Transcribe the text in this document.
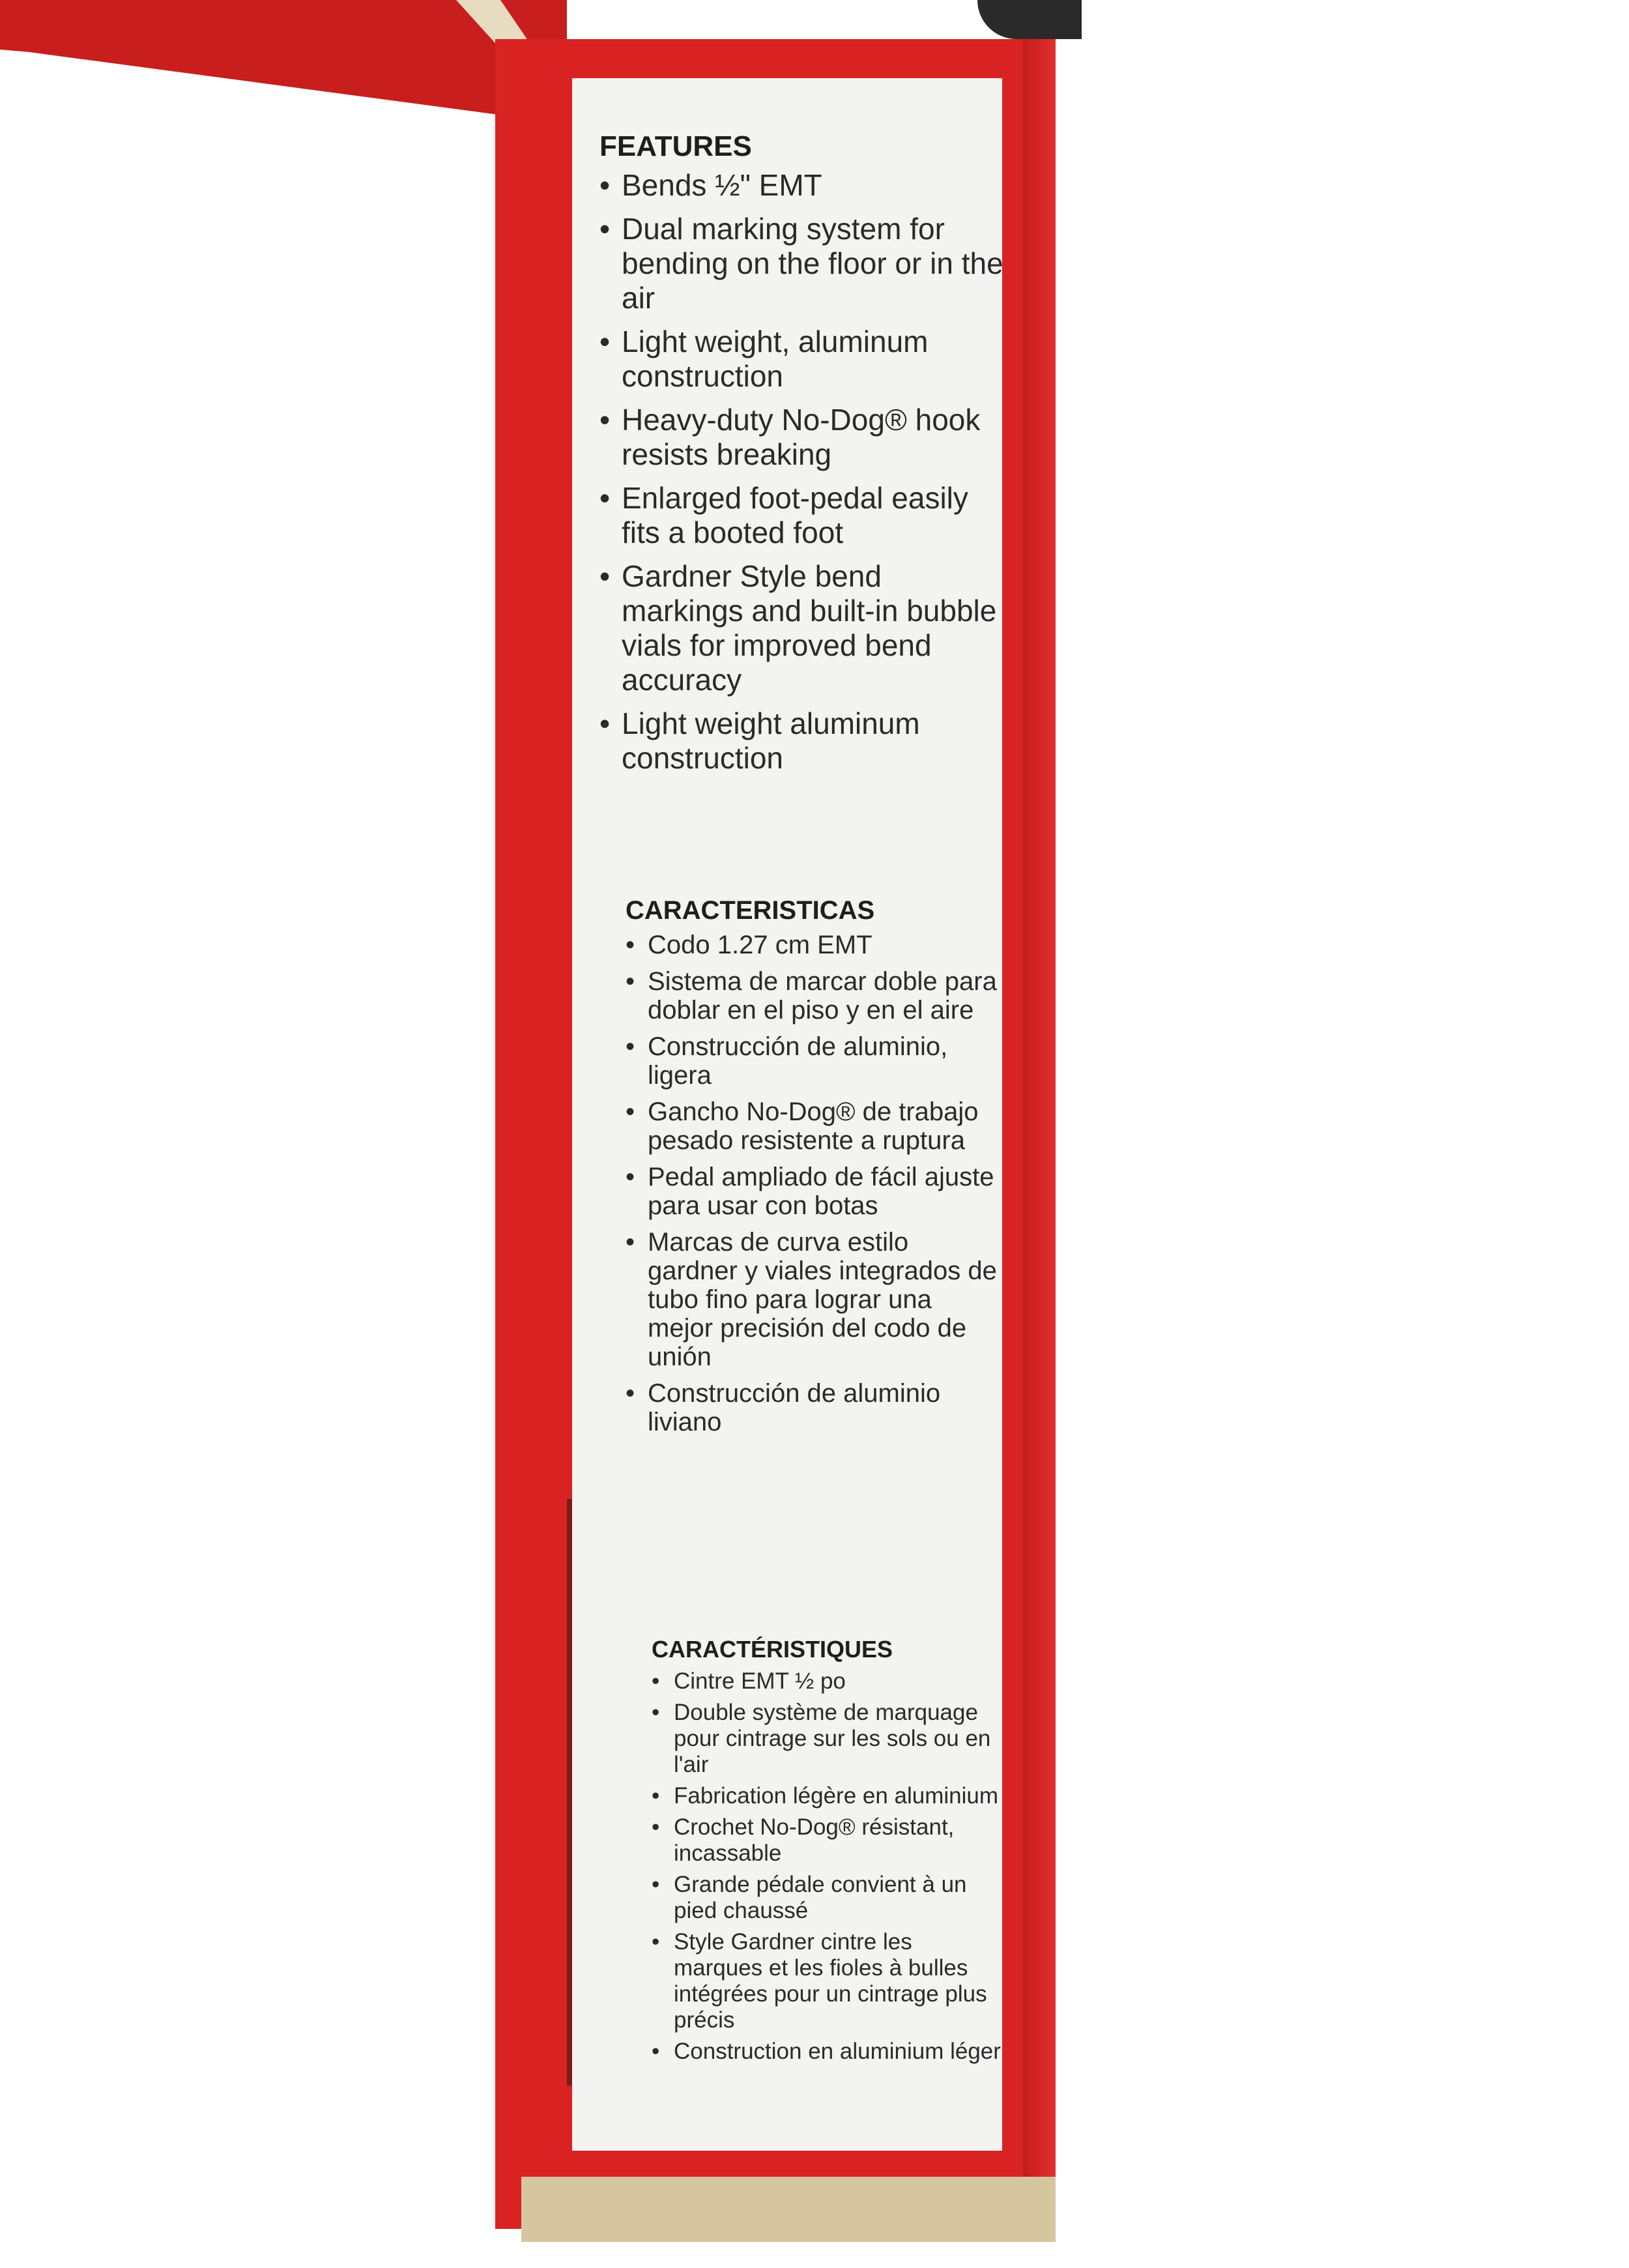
FEATURES
• Bends ½" EMT
• Dual marking system for bending on the floor or in the air
• Light weight, aluminum construction
• Heavy-duty No-Dog® hook resists breaking
• Enlarged foot-pedal easily fits a booted foot
• Gardner Style bend markings and built-in bubble vials for improved bend accuracy
• Light weight aluminum construction
CARACTERISTICAS
• Codo 1.27 cm EMT
• Sistema de marcar doble para doblar en el piso y en el aire
• Construcción de aluminio, ligera
• Gancho No-Dog® de trabajo pesado resistente a ruptura
• Pedal ampliado de fácil ajuste para usar con botas
• Marcas de curva estilo gardner y viales integrados de tubo fino para lograr una mejor precisión del codo de unión
• Construcción de aluminio liviano
CARACTÉRISTIQUES
• Cintre EMT ½ po
• Double système de marquage pour cintrage sur les sols ou en l'air
• Fabrication légère en aluminium
• Crochet No-Dog® résistant, incassable
• Grande pédale convient à un pied chaussé
• Style Gardner cintre les marques et les fioles à bulles intégrées pour un cintrage plus précis
• Construction en aluminium léger
